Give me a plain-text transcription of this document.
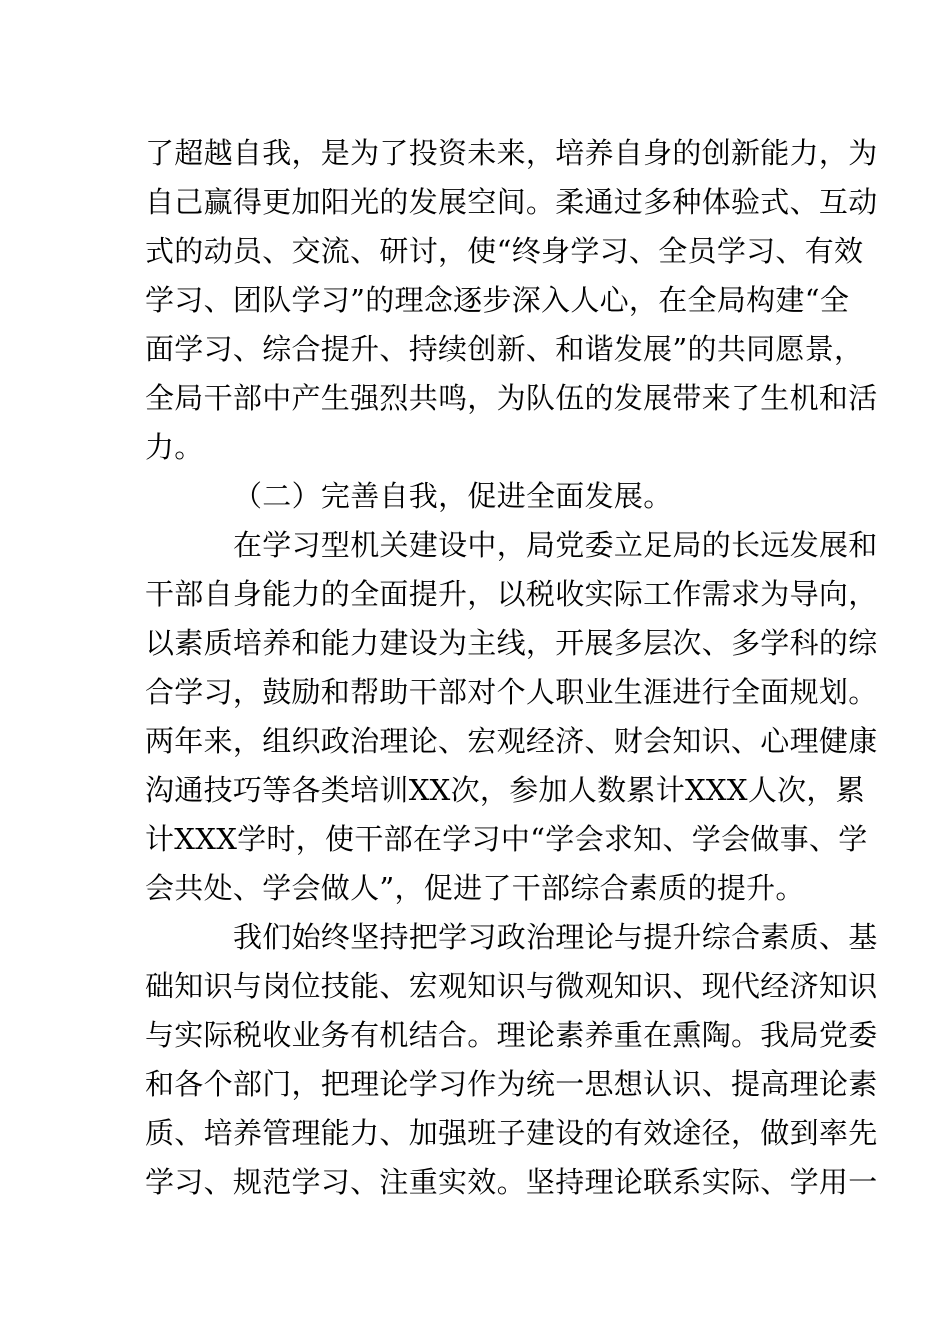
了超越自我，是为了投资未来，培养自身的创新能力，为
自己赢得更加阳光的发展空间。柔通过多种体验式、互动
式的动员、交流、研讨，使“终身学习、全员学习、有效
学习、团队学习”的理念逐步深入人心，在全局构建“全
面学习、综合提升、持续创新、和谐发展”的共同愿景，
全局干部中产生强烈共鸣，为队伍的发展带来了生机和活
力。
（二）完善自我，促进全面发展。
在学习型机关建设中，局党委立足局的长远发展和
干部自身能力的全面提升，以税收实际工作需求为导向，
以素质培养和能力建设为主线，开展多层次、多学科的综
合学习，鼓励和帮助干部对个人职业生涯进行全面规划。
两年来，组织政治理论、宏观经济、财会知识、心理健康
沟通技巧等各类培训XX次，参加人数累计XXX人次，累
计XXX学时，使干部在学习中“学会求知、学会做事、学
会共处、学会做人”，促进了干部综合素质的提升。
我们始终坚持把学习政治理论与提升综合素质、基
础知识与岗位技能、宏观知识与微观知识、现代经济知识
与实际税收业务有机结合。理论素养重在熏陶。我局党委
和各个部门，把理论学习作为统一思想认识、提高理论素
质、培养管理能力、加强班子建设的有效途径，做到率先
学习、规范学习、注重实效。坚持理论联系实际、学用一
